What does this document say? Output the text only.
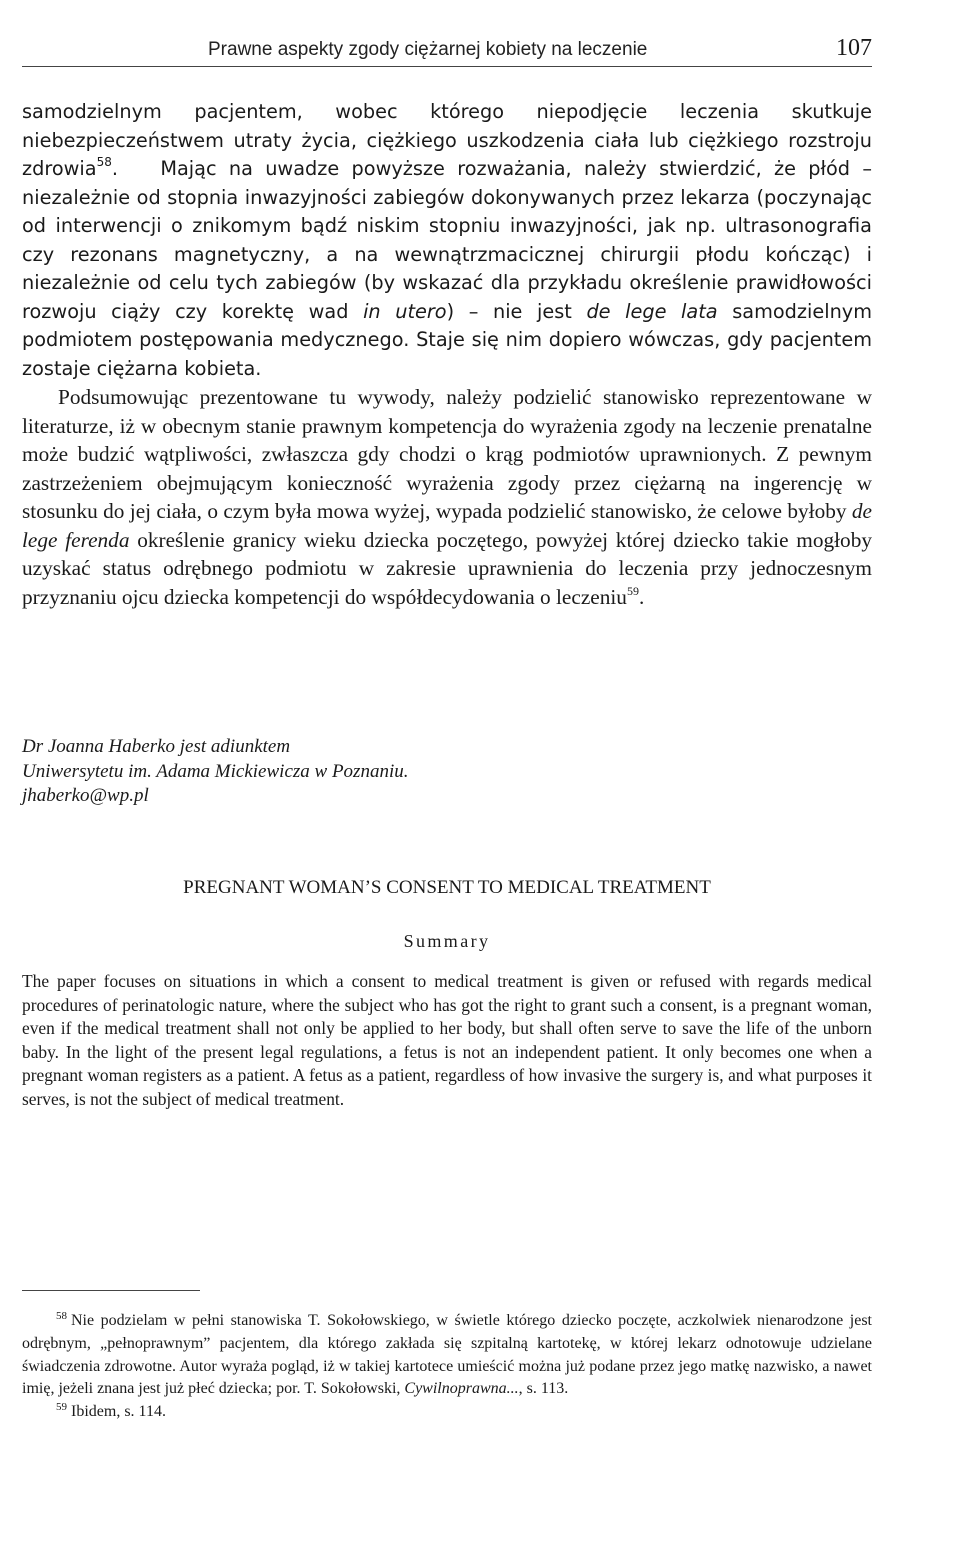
Prawne aspekty zgody ciężarnej kobiety na leczenie	107

samodzielnym pacjentem, wobec którego niepodjęcie leczenia skutkuje niebezpieczeństwem utraty życia, ciężkiego uszkodzenia ciała lub ciężkiego rozstroju zdrowia$^{58}$. Mając na uwadze powyższe rozważania, należy stwierdzić, że płód – niezależnie od stopnia inwazyjności zabiegów dokonywanych przez lekarza (poczynając od interwencji o znikomym bądź niskim stopniu inwazyjności, jak np. ultrasonografia czy rezonans magnetyczny, a na wewnątrzmacicznej chirurgii płodu kończąc) i niezależnie od celu tych zabiegów (by wskazać dla przykładu określenie prawidłowości rozwoju ciąży czy korektę wad in utero) – nie jest de lege lata samodzielnym podmiotem postępowania medycznego. Staje się nim dopiero wówczas, gdy pacjentem zostaje ciężarna kobieta.

Podsumowując prezentowane tu wywody, należy podzielić stanowisko reprezentowane w literaturze, iż w obecnym stanie prawnym kompetencja do wyrażenia zgody na leczenie prenatalne może budzić wątpliwości, zwłaszcza gdy chodzi o krąg podmiotów uprawnionych. Z pewnym zastrzeżeniem obejmującym konieczność wyrażenia zgody przez ciężarną na ingerencję w stosunku do jej ciała, o czym była mowa wyżej, wypada podzielić stanowisko, że celowe byłoby de lege ferenda określenie granicy wieku dziecka poczętego, powyżej której dziecko takie mogłoby uzyskać status odrębnego podmiotu w zakresie uprawnienia do leczenia przy jednoczesnym przyznaniu ojcu dziecka kompetencji do współdecydowania o leczeniu$^{59}$.

Dr Joanna Haberko jest adiunktem
Uniwersytetu im. Adama Mickiewicza w Poznaniu.
jhaberko@wp.pl
PREGNANT WOMAN’S CONSENT TO MEDICAL TREATMENT
Summary

The paper focuses on situations in which a consent to medical treatment is given or refused with regards medical procedures of perinatologic nature, where the subject who has got the right to grant such a consent, is a pregnant woman, even if the medical treatment shall not only be applied to her body, but shall often serve to save the life of the unborn baby. In the light of the present legal regulations, a fetus is not an independent patient. It only becomes one when a pregnant woman registers as a patient. A fetus as a patient, regardless of how invasive the surgery is, and what purposes it serves, is not the subject of medical treatment.

$^{58}$ Nie podzielam w pełni stanowiska T. Sokołowskiego, w świetle którego dziecko poczęte, aczkolwiek nienarodzone jest odrębnym, „pełnoprawnym” pacjentem, dla którego zakłada się szpitalną kartotekę, w której lekarz odnotowuje udzielane świadczenia zdrowotne. Autor wyraża pogląd, iż w takiej kartotece umieścić można już podane przez jego matkę nazwisko, a nawet imię, jeżeli znana jest już płeć dziecka; por. T. Sokołowski, Cywilnoprawna..., s. 113.

$^{59}$ Ibidem, s. 114.
